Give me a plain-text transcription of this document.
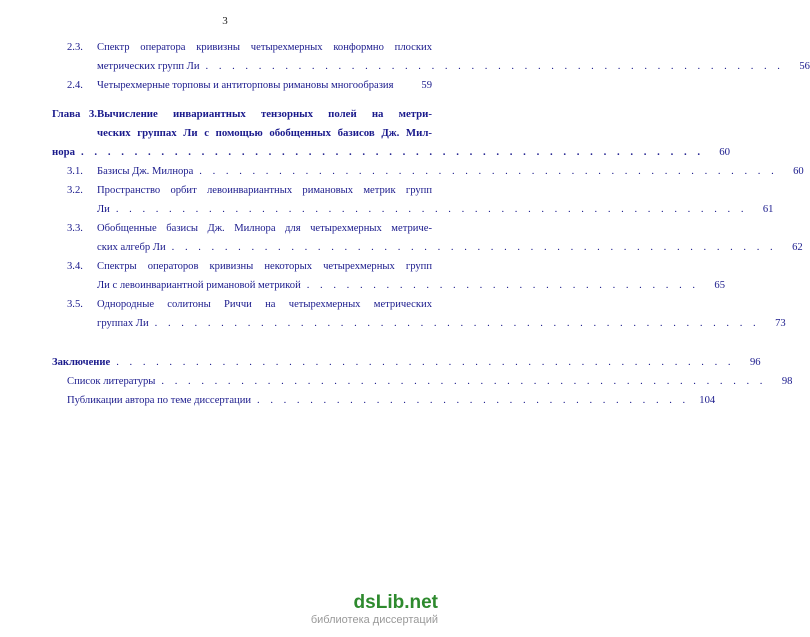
3
2.3. Спектр оператора кривизны четырехмерных конформно плоских
метрических групп Ли . . . . . . . . . . . . . . . . . . . . . . . . . . . . . . . . . . . . . . . . . . . .	56
2.4. Четырехмерные торповы и антиторповы римановы многообразия	59
Глава 3.Вычисление инвариантных тензорных полей на метри-
ческих группах Ли с помощью обобщенных базисов Дж. Мил-
нора . . . . . . . . . . . . . . . . . . . . . . . . . . . . . . . . . . . . . . . . . . . . . . .	60
3.1. Базисы Дж. Милнора . . . . . . . . . . . . . . . . . . . . . . . . . . . . . . . . . . . . . . . . . . . .	60
3.2. Пространство орбит левоинвариантных римановых метрик групп
Ли . . . . . . . . . . . . . . . . . . . . . . . . . . . . . . . . . . . . . . . . . . . . . . . .	61
3.3. Обобщенные базисы Дж. Милнора для четырехмерных метриче-
ских алгебр Ли . . . . . . . . . . . . . . . . . . . . . . . . . . . . . . . . . . . . . . . . . . . . . .	62
3.4. Спектры операторов кривизны некоторых четырехмерных групп
Ли с левоинвариантной римановой метрикой . . . . . . . . . . . . . . . . . . . . . . . . . . . . . .	65
3.5. Однородные солитоны Риччи на четырехмерных метрических
группах Ли . . . . . . . . . . . . . . . . . . . . . . . . . . . . . . . . . . . . . . . . . . . . . .	73
Заключение . . . . . . . . . . . . . . . . . . . . . . . . . . . . . . . . . . . . . . . . . . . . . . .	96
Список литературы . . . . . . . . . . . . . . . . . . . . . . . . . . . . . . . . . . . . . . . . . . . . . .	98
Публикации автора по теме диссертации . . . . . . . . . . . . . . . . . . . . . . . . . . . . . . . . . 104
dsLib.net
библиотека диссертаций
